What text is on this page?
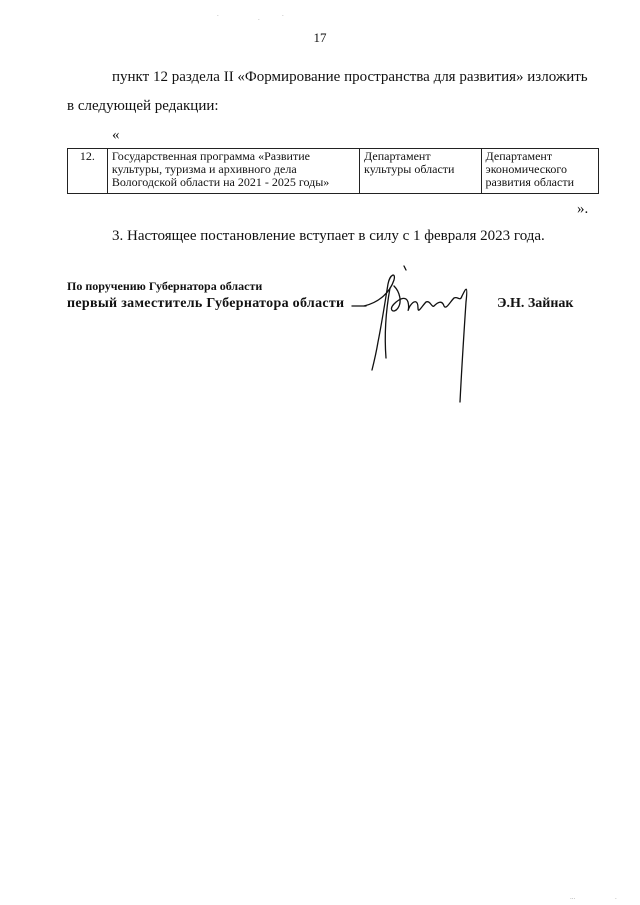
17
пункт 12 раздела II «Формирование пространства для развития» изложить
в следующей редакции:
«
12.	Государственная программа «Развитие культуры, туризма и архивного дела Вологодской области на 2021 - 2025 годы»	Департамент культуры области	Департамент экономического развития области
».
3. Настоящее постановление вступает в силу с 1 февраля 2023 года.
По поручению Губернатора области
первый заместитель Губернатора области	Э.Н. Зайнак
.	.	.
...	.
